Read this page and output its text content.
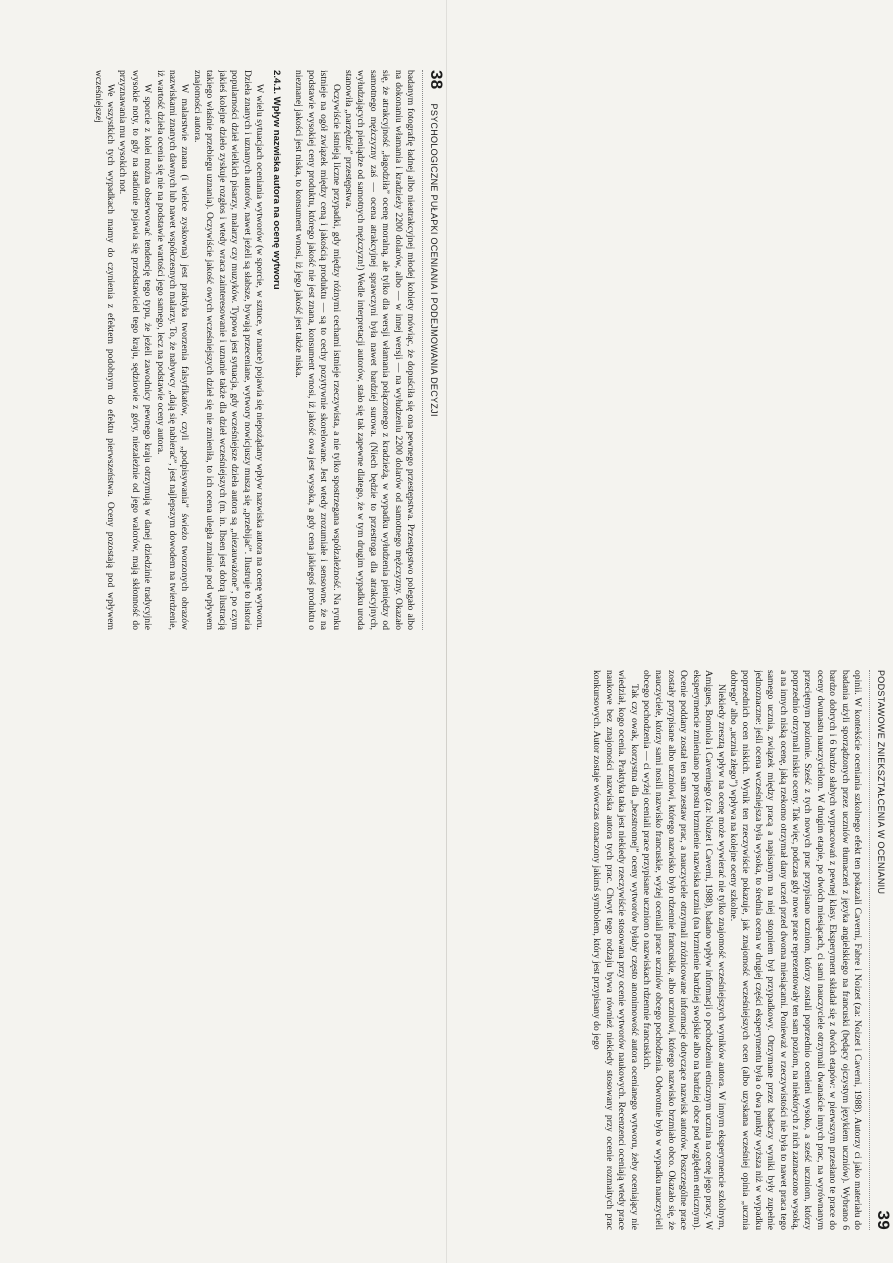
38
PSYCHOLOGICZNE PUŁAPKI OCENIANIA I PODEJMOWANIA DECYZJI

badanym fotografię ładnej albo nieatrakcyjnej młodej kobiety mówiąc, że dopuściła się ona pewnego przestępstwa. Przestępstwo polegało albo na dokonaniu włamania i kradzieży 2200 dolarów, albo — w innej wersji — na wyłudzeniu 2200 dolarów od samotnego mężczyzny. Okazało się, że atrakcyjność „łagodziła” ocenę moralną, ale tylko dla wersji włamania połączonego z kradzieżą, w wypadku wyłudzenia pieniędzy od samotnego mężczyzny zaś — ocena atrakcyjnej sprawczyni była nawet bardziej surowa. (Niech będzie to przestroga dla atrakcyjnych, wyłudzających pieniądze od samotnych mężczyzn!) Wedle interpretacji autorów, stało się tak zapewne dlatego, że w tym drugim wypadku uroda stanowiła „narzędzie” przestępstwa.

Oczywiście istnieją liczne przypadki, gdy między różnymi cechami istnieje rzeczywista, a nie tylko spostrzegana współzależność. Na rynku istnieje na ogół związek między ceną i jakością produktu — są to cechy pozytywnie skorelowane. Jest wtedy zrozumiałe i sensowne, że na podstawie wysokiej ceny produktu, którego jakość nie jest znana, konsument wnosi, iż jakość owa jest wysoka, a gdy cena jakiegoś produktu o nieznanej jakości jest niska, to konsument wnosi, iż jego jakość jest także niska.

2.4.1. Wpływ nazwiska autora na ocenę wytworu

W wielu sytuacjach oceniania wytworów (w sporcie, w sztuce, w nauce) pojawia się niepożądany wpływ nazwiska autora na ocenę wytworu. Dzieła znanych i uznanych autorów, nawet jeżeli są słabsze, bywają przeceniane, wytwory nowicjuszy muszą się „przebijać”. Ilustruje to historia popularności dzieł wielkich pisarzy, malarzy czy muzyków. Typowa jest sytuacja, gdy wcześniejsze dzieła autora są „niezauważone”, po czym jakieś kolejne dzieło zyskuje rozgłos i wtedy wraca zainteresowanie i uznanie także dla dzieł wcześniejszych (m. in. Ibsen jest dobrą ilustracją takiego właśnie przebiegu uznania). Oczywiście jakość owych wcześniejszych dzieł się nie zmieniła, to ich ocena uległa zmianie pod wpływem znajomości autora.

W malarstwie znana (i wielce zyskowna) jest praktyka tworzenia falsyfikatów, czyli „podpisywania” świeżo tworzonych obrazów nazwiskami znanych dawnych lub nawet współczesnych malarzy. To, że nabywcy „dają się nabierać”, jest najlepszym dowodem na twierdzenie, iż wartość dzieła ocenia się nie na podstawie wartości jego samego, lecz na podstawie oceny autora.

W sporcie z kolei można obserwować tendencję tego typu, że jeżeli zawodnicy pewnego kraju otrzymują w danej dziedzinie tradycyjnie wysokie noty, to gdy na stadionie pojawia się przedstawiciel tego kraju, sędziowie z góry, niezależnie od jego walorów, mają skłonność do przyznawania mu wysokich not.

We wszystkich tych wypadkach mamy do czynienia z efektem podobnym do efektu pierwszeństwa. Oceny pozostają pod wpływem wcześniejszej

PODSTAWOWE ZNIEKSZTAŁCENIA W OCENIANIU
39

opinii. W kontekście oceniania szkolnego efekt ten pokazali Caverni, Fabre i Noizet (za: Noizet i Caverni, 1988). Autorzy ci jako materiału do badania użyli sporządzonych przez uczniów tłumaczeń z języka angielskiego na francuski (będący ojczystym językiem uczniów). Wybrano 6 bardzo dobrych i 6 bardzo słabych wypracowań z pewnej klasy. Eksperyment składał się z dwóch etapów: w pierwszym przesłano te prace do oceny dwunastu nauczycielom. W drugim etapie, po dwóch miesiącach, ci sami nauczyciele otrzymali dwanaście innych prac, na wyrównanym przeciętnym poziomie. Sześć z tych nowych prac przypisano uczniom, którzy zostali poprzednio ocenieni wysoko, a sześć uczniom, którzy poprzednio otrzymali niskie oceny. Tak więc, podczas gdy nowe prace reprezentowały ten sam poziom, na niektórych z nich zaznaczono wysoką, a na innych niską ocenę, jaką rzekomo otrzymał dany uczeń przed dwoma miesiącami. Ponieważ w rzeczywistości nie była to nawet praca tego samego ucznia, związek między pracą a napisanym na niej stopniem był przypadkowy. Otrzymane przez badaczy wyniki były zupełnie jednoznaczne: jeśli ocena wcześniejsza była wysoka, to średnia ocena w drugiej części eksperymentu była o dwa punkty wyższa niż w wypadku poprzednich ocen niskich. Wynik ten rzeczywiście pokazuje, jak znajomość wcześniejszych ocen (albo uzyskana wcześniej opinia „ucznia dobrego” albo „ucznia złego”) wpływa na kolejne oceny szkolne.

Niekiedy zresztą wpływ na ocenę może wywierać nie tylko znajomość wcześniejszych wyników autora. W innym eksperymencie szkolnym, Amigues, Bonniola i Caverniego (za: Noizet i Caverni, 1988), badano wpływ informacji o pochodzeniu etnicznym ucznia na ocenę jego pracy. W eksperymencie zmieniano po prostu brzmienie nazwiska ucznia (na brzmienie bardziej swojskie albo na bardziej obce pod względem etnicznym). Ocenie poddany został ten sam zestaw prac, a nauczyciele otrzymali zróżnicowane informacje dotyczące nazwisk autorów. Poszczególne prace zostały przypisane albo uczniowi, którego nazwisko było rdzennie francuskie, albo uczniowi, którego nazwisko brzmiało obco. Okazało się, że nauczyciele, którzy sami nosili nazwisko francuskie, wyżej oceniali prace uczniów obcego pochodzenia. Odwrotnie było w wypadku nauczycieli obcego pochodzenia — ci wyżej oceniali prace przypisane uczniom o nazwiskach rdzennie francuskich.

Tak czy owak, korzystna dla „bezstronnej” oceny wytworów byłaby często anonimowość autora ocenianego wytworu, żeby oceniający nie wiedział, kogo ocenia. Praktyka taka jest niekiedy rzeczywiście stosowana przy ocenie wytworów naukowych. Recenzenci oceniają wtedy prace naukowe bez znajomości nazwiska autora tych prac. Chwyt tego rodzaju bywa również niekiedy stosowany przy ocenie rozmaitych prac konkursowych. Autor zostaje wówczas oznaczony jakimś symbolem, który jest przypisany do jego
